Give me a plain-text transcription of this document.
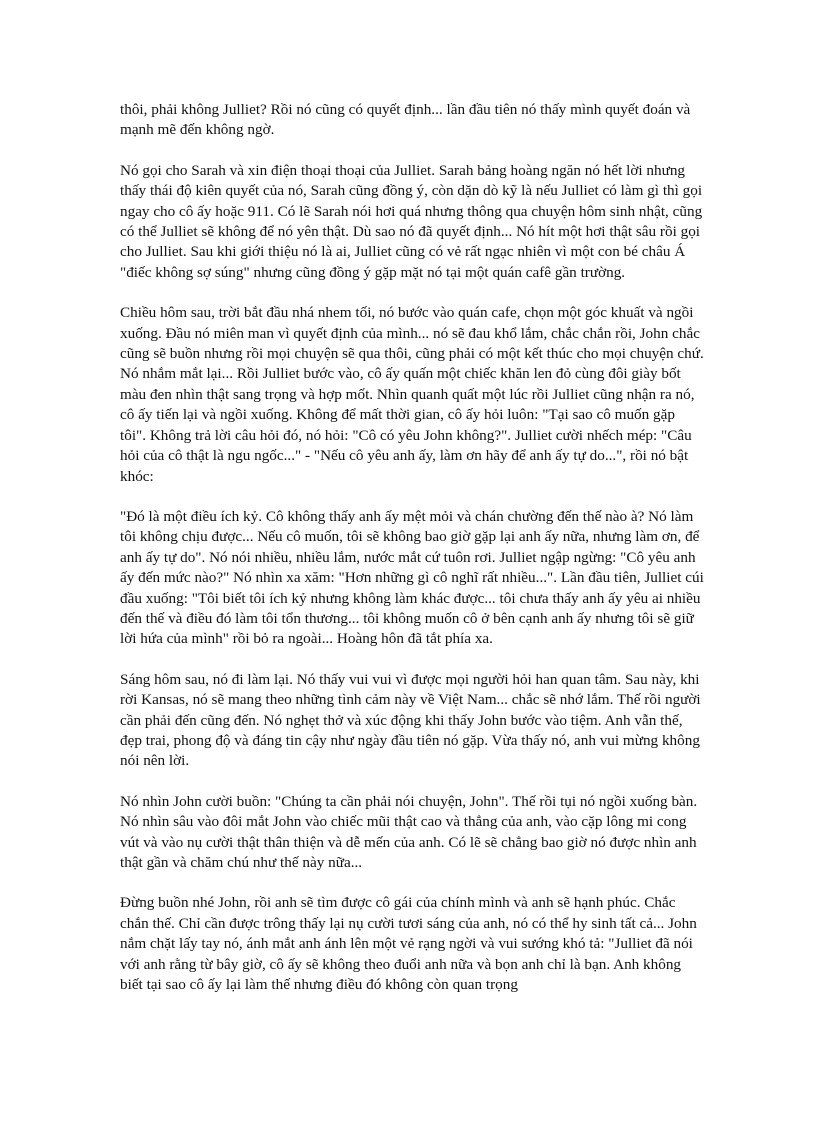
thôi, phải không Julliet? Rồi nó cũng có quyết định... lần đầu tiên nó thấy mình quyết đoán và mạnh mẽ đến không ngờ.

Nó gọi cho Sarah và xin điện thoại thoại của Julliet. Sarah bảng hoàng ngăn nó hết lời nhưng thấy thái độ kiên quyết của nó, Sarah cũng đồng ý, còn dặn dò kỹ là nếu Julliet có làm gì thì gọi ngay cho cô ấy hoặc 911. Có lẽ Sarah nói hơi quá nhưng thông qua chuyện hôm sinh nhật, cũng có thể Julliet sẽ không để nó yên thật. Dù sao nó đã quyết định... Nó hít một hơi thật sâu rồi gọi cho Julliet. Sau khi giới thiệu nó là ai, Julliet cũng có vẻ rất ngạc nhiên vì một con bé châu Á "điếc không sợ súng" nhưng cũng đồng ý gặp mặt nó tại một quán cafê gần trường.

Chiều hôm sau, trời bắt đầu nhá nhem tối, nó bước vào quán cafe, chọn một góc khuất và ngồi xuống. Đầu nó miên man vì quyết định của mình... nó sẽ đau khổ lắm, chắc chắn rồi, John chắc cũng sẽ buồn nhưng rồi mọi chuyện sẽ qua thôi, cũng phải có một kết thúc cho mọi chuyện chứ. Nó nhắm mắt lại... Rồi Julliet bước vào, cô ấy quấn một chiếc khăn len đỏ cùng đôi giày bốt màu đen nhìn thật sang trọng và hợp mốt. Nhìn quanh quất một lúc rồi Julliet cũng nhận ra nó, cô ấy tiến lại và ngồi xuống. Không để mất thời gian, cô ấy hỏi luôn: "Tại sao cô muốn gặp tôi". Không trả lời câu hỏi đó, nó hỏi: "Cô có yêu John không?". Julliet cười nhếch mép: "Câu hỏi của cô thật là ngu ngốc..." - "Nếu cô yêu anh ấy, làm ơn hãy để anh ấy tự do...", rồi nó bật khóc:

"Đó là một điều ích kỷ. Cô không thấy anh ấy mệt mỏi và chán chường đến thế nào à? Nó làm tôi không chịu được... Nếu cô muốn, tôi sẽ không bao giờ gặp lại anh ấy nữa, nhưng làm ơn, để anh ấy tự do". Nó nói nhiều, nhiều lắm, nước mắt cứ tuôn rơi. Julliet ngập ngừng: "Cô yêu anh ấy đến mức nào?" Nó nhìn xa xăm: "Hơn những gì cô nghĩ rất nhiều...". Lần đầu tiên, Julliet cúi đầu xuống: "Tôi biết tôi ích kỷ nhưng không làm khác được... tôi chưa thấy anh ấy yêu ai nhiều đến thế và điều đó làm tôi tổn thương... tôi không muốn cô ở bên cạnh anh ấy nhưng tôi sẽ giữ lời hứa của mình" rồi bỏ ra ngoài... Hoàng hôn đã tắt phía xa.

Sáng hôm sau, nó đi làm lại. Nó thấy vui vui vì được mọi người hỏi han quan tâm. Sau này, khi rời Kansas, nó sẽ mang theo những tình cảm này về Việt Nam... chắc sẽ nhớ lắm. Thế rồi người cần phải đến cũng đến. Nó nghẹt thở và xúc động khi thấy John bước vào tiệm. Anh vẫn thế, đẹp trai, phong độ và đáng tin cậy như ngày đầu tiên nó gặp. Vừa thấy nó, anh vui mừng không nói nên lời.

Nó nhìn John cười buồn: "Chúng ta cần phải nói chuyện, John". Thế rồi tụi nó ngồi xuống bàn. Nó nhìn sâu vào đôi mắt John vào chiếc mũi thật cao và thẳng của anh, vào cặp lông mi cong vút và vào nụ cười thật thân thiện và dễ mến của anh. Có lẽ sẽ chẳng bao giờ nó được nhìn anh thật gần và chăm chú như thế này nữa...

Đừng buồn nhé John, rồi anh sẽ tìm được cô gái của chính mình và anh sẽ hạnh phúc. Chắc chắn thế. Chỉ cần được trông thấy lại nụ cười tươi sáng của anh, nó có thể hy sinh tất cả... John nắm chặt lấy tay nó, ánh mắt anh ánh lên một vẻ rạng ngời và vui sướng khó tả: "Julliet đã nói với anh rằng từ bây giờ, cô ấy sẽ không theo đuổi anh nữa và bọn anh chỉ là bạn. Anh không biết tại sao cô ấy lại làm thế nhưng điều đó không còn quan trọng
